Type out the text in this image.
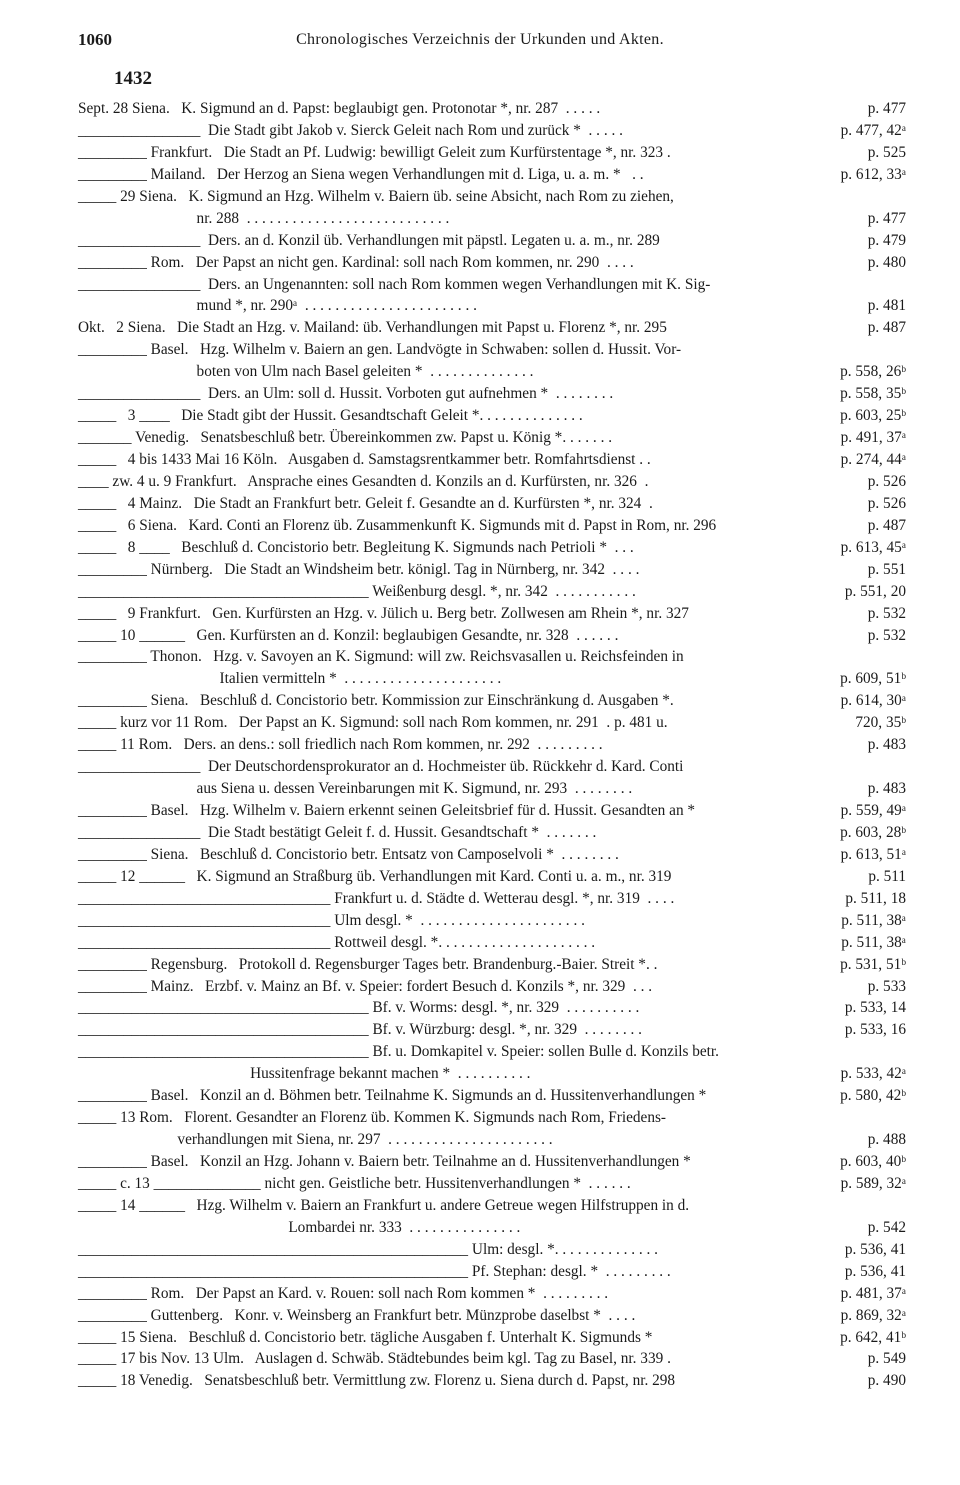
1060	Chronologisches Verzeichnis der Urkunden und Akten.
1432
Sept. 28 Siena.   K. Sigmund an d. Papst: beglaubigt gen. Protonotar *, nr. 287  . . . . .	p. 477
________________  Die Stadt gibt Jakob v. Sierck Geleit nach Rom und zurück *  . . . . .	p. 477, 42ᵃ
_________ Frankfurt.   Die Stadt an Pf. Ludwig: bewilligt Geleit zum Kurfürstentage *, nr. 323 .	p. 525
_________ Mailand.   Der Herzog an Siena wegen Verhandlungen mit d. Liga, u. a. m. *   . .	p. 612, 33ᵃ
_____ 29 Siena.   K. Sigmund an Hzg. Wilhelm v. Baiern üb. seine Absicht, nach Rom zu ziehen,
nr. 288  . . . . . . . . . . . . . . . . . . . . . . . . . . .	p. 477
________________  Ders. an d. Konzil üb. Verhandlungen mit päpstl. Legaten u. a. m., nr. 289	p. 479
_________ Rom.   Der Papst an nicht gen. Kardinal: soll nach Rom kommen, nr. 290  . . . .	p. 480
________________  Ders. an Ungenannten: soll nach Rom kommen wegen Verhandlungen mit K. Sig-
mund *, nr. 290ᵃ  . . . . . . . . . . . . . . . . . . . . . . .	p. 481
Okt.   2 Siena.   Die Stadt an Hzg. v. Mailand: üb. Verhandlungen mit Papst u. Florenz *, nr. 295	p. 487
_________ Basel.   Hzg. Wilhelm v. Baiern an gen. Landvögte in Schwaben: sollen d. Hussit. Vor-
boten von Ulm nach Basel geleiten *  . . . . . . . . . . . . . .	p. 558, 26ᵇ
________________  Ders. an Ulm: soll d. Hussit. Vorboten gut aufnehmen *  . . . . . . . .	p. 558, 35ᵇ
_____   3 ____   Die Stadt gibt der Hussit. Gesandtschaft Geleit *. . . . . . . . . . . . . .	p. 603, 25ᵇ
_______ Venedig.   Senatsbeschluß betr. Übereinkommen zw. Papst u. König *. . . . . . .	p. 491, 37ᵃ
_____   4 bis 1433 Mai 16 Köln.   Ausgaben d. Samstagsrentkammer betr. Romfahrtsdienst . .	p. 274, 44ᵃ
____ zw. 4 u. 9 Frankfurt.   Ansprache eines Gesandten d. Konzils an d. Kurfürsten, nr. 326  .	p. 526
_____   4 Mainz.   Die Stadt an Frankfurt betr. Geleit f. Gesandte an d. Kurfürsten *, nr. 324  .	p. 526
_____   6 Siena.   Kard. Conti an Florenz üb. Zusammenkunft K. Sigmunds mit d. Papst in Rom, nr. 296	p. 487
_____   8 ____   Beschluß d. Concistorio betr. Begleitung K. Sigmunds nach Petrioli *  . . .	p. 613, 45ᵃ
_________ Nürnberg.   Die Stadt an Windsheim betr. königl. Tag in Nürnberg, nr. 342  . . . .	p. 551
______________________________________ Weißenburg desgl. *, nr. 342  . . . . . . . . . . .	p. 551, 20
_____   9 Frankfurt.   Gen. Kurfürsten an Hzg. v. Jülich u. Berg betr. Zollwesen am Rhein *, nr. 327	p. 532
_____ 10 ______   Gen. Kurfürsten an d. Konzil: beglaubigen Gesandte, nr. 328  . . . . . .	p. 532
_________ Thonon.   Hzg. v. Savoyen an K. Sigmund: will zw. Reichsvasallen u. Reichsfeinden in
Italien vermitteln *  . . . . . . . . . . . . . . . . . . . . .	p. 609, 51ᵇ
_________ Siena.   Beschluß d. Concistorio betr. Kommission zur Einschränkung d. Ausgaben *.	p. 614, 30ᵃ
_____ kurz vor 11 Rom.   Der Papst an K. Sigmund: soll nach Rom kommen, nr. 291  . p. 481 u.	720, 35ᵇ
_____ 11 Rom.   Ders. an dens.: soll friedlich nach Rom kommen, nr. 292  . . . . . . . . .	p. 483
________________  Der Deutschordensprokurator an d. Hochmeister üb. Rückkehr d. Kard. Conti
aus Siena u. dessen Vereinbarungen mit K. Sigmund, nr. 293  . . . . . . . .	p. 483
_________ Basel.   Hzg. Wilhelm v. Baiern erkennt seinen Geleitsbrief für d. Hussit. Gesandten an *	p. 559, 49ᵃ
________________  Die Stadt bestätigt Geleit f. d. Hussit. Gesandtschaft *  . . . . . . .	p. 603, 28ᵇ
_________ Siena.   Beschluß d. Concistorio betr. Entsatz von Camposelvoli *  . . . . . . . .	p. 613, 51ᵃ
_____ 12 ______   K. Sigmund an Straßburg üb. Verhandlungen mit Kard. Conti u. a. m., nr. 319	p. 511
_________________________________ Frankfurt u. d. Städte d. Wetterau desgl. *, nr. 319  . . . .	p. 511, 18
_________________________________ Ulm desgl. *  . . . . . . . . . . . . . . . . . . . . . .	p. 511, 38ᵃ
_________________________________ Rottweil desgl. *. . . . . . . . . . . . . . . . . . . . .	p. 511, 38ᵃ
_________ Regensburg.   Protokoll d. Regensburger Tages betr. Brandenburg.-Baier. Streit *. .	p. 531, 51ᵇ
_________ Mainz.   Erzbf. v. Mainz an Bf. v. Speier: fordert Besuch d. Konzils *, nr. 329  . . .	p. 533
______________________________________ Bf. v. Worms: desgl. *, nr. 329  . . . . . . . . . .	p. 533, 14
______________________________________ Bf. v. Würzburg: desgl. *, nr. 329  . . . . . . . .	p. 533, 16
______________________________________ Bf. u. Domkapitel v. Speier: sollen Bulle d. Konzils betr.
Hussitenfrage bekannt machen *  . . . . . . . . . .	p. 533, 42ᵃ
_________ Basel.   Konzil an d. Böhmen betr. Teilnahme K. Sigmunds an d. Hussitenverhandlungen *	p. 580, 42ᵇ
_____ 13 Rom.   Florent. Gesandter an Florenz üb. Kommen K. Sigmunds nach Rom, Friedens-
verhandlungen mit Siena, nr. 297  . . . . . . . . . . . . . . . . . . . . . .	p. 488
_________ Basel.   Konzil an Hzg. Johann v. Baiern betr. Teilnahme an d. Hussitenverhandlungen *	p. 603, 40ᵇ
_____ c. 13 ______________ nicht gen. Geistliche betr. Hussitenverhandlungen *  . . . . . .	p. 589, 32ᵃ
_____ 14 ______   Hzg. Wilhelm v. Baiern an Frankfurt u. andere Getreue wegen Hilfstruppen in d.
Lombardei nr. 333  . . . . . . . . . . . . . . .	p. 542
___________________________________________________ Ulm: desgl. *. . . . . . . . . . . . . .	p. 536, 41
___________________________________________________ Pf. Stephan: desgl. *  . . . . . . . . .	p. 536, 41
_________ Rom.   Der Papst an Kard. v. Rouen: soll nach Rom kommen *  . . . . . . . . .	p. 481, 37ᵃ
_________ Guttenberg.   Konr. v. Weinsberg an Frankfurt betr. Münzprobe daselbst *  . . . .	p. 869, 32ᵃ
_____ 15 Siena.   Beschluß d. Concistorio betr. tägliche Ausgaben f. Unterhalt K. Sigmunds *	p. 642, 41ᵇ
_____ 17 bis Nov. 13 Ulm.   Auslagen d. Schwäb. Städtebundes beim kgl. Tag zu Basel, nr. 339 .	p. 549
_____ 18 Venedig.   Senatsbeschluß betr. Vermittlung zw. Florenz u. Siena durch d. Papst, nr. 298	p. 490
